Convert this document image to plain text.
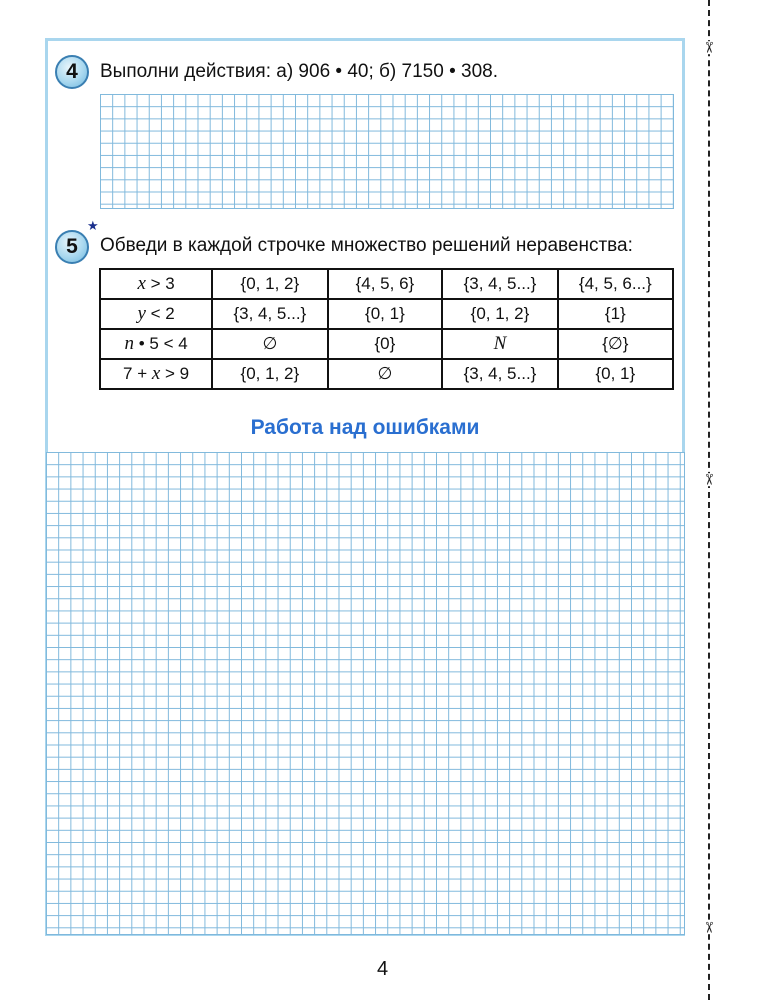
✂
✂
✂
4	Выполни действия: а) 906 • 40; б) 7150 • 308.
★
5	Обведи в каждой строчке множество решений неравенства:
x > 3	{0, 1, 2}	{4, 5, 6}	{3, 4, 5...}	{4, 5, 6...}
y < 2	{3, 4, 5...}	{0, 1}	{0, 1, 2}	{1}
n • 5 < 4	∅	{0}	N	{∅}
7 + x > 9	{0, 1, 2}	∅	{3, 4, 5...}	{0, 1}
Работа над ошибками
4
